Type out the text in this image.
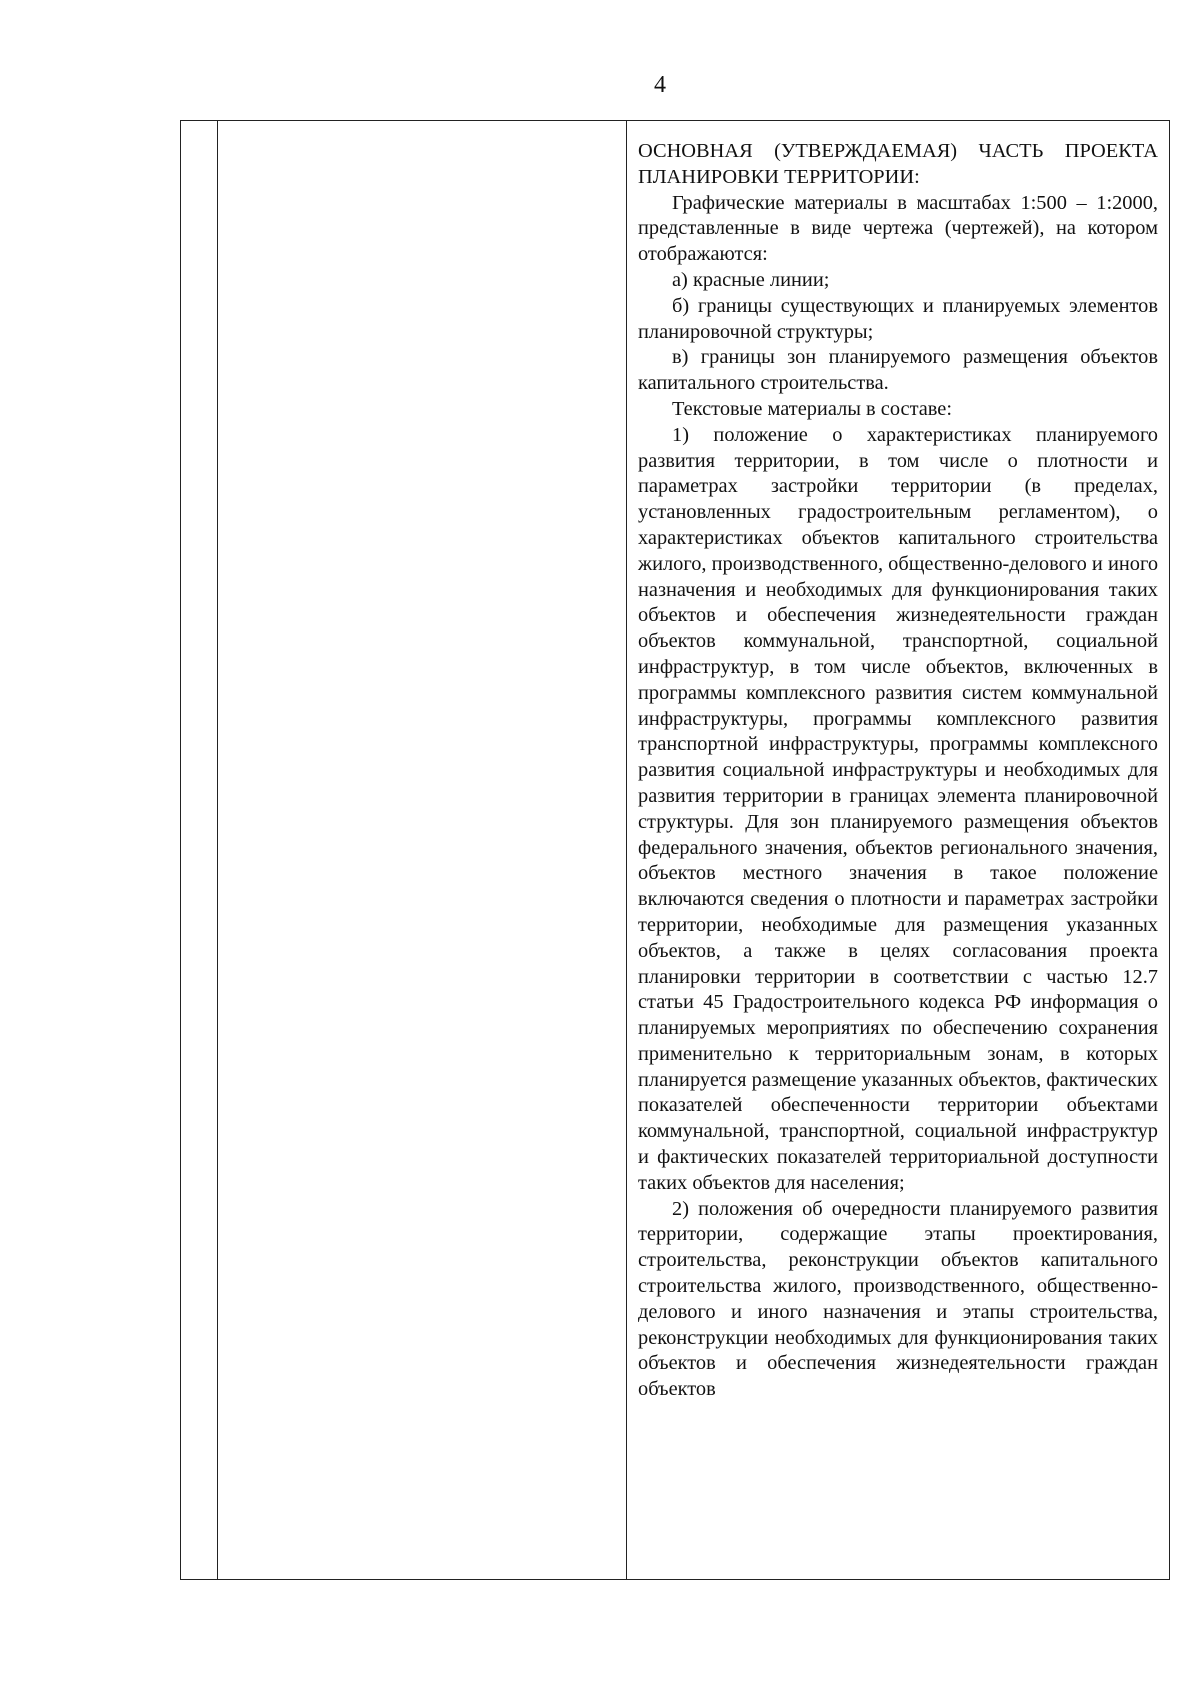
4

ОСНОВНАЯ (УТВЕРЖДАЕМАЯ) ЧАСТЬ ПРОЕКТА ПЛАНИРОВКИ ТЕРРИТОРИИ:

Графические материалы в масштабах 1:500 – 1:2000, представленные в виде чертежа (чертежей), на котором отображаются:

а) красные линии;

б) границы существующих и планируемых элементов планировочной структуры;

в) границы зон планируемого размещения объектов капитального строительства.

Текстовые материалы в составе:

1) положение о характеристиках планируемого развития территории, в том числе о плотности и параметрах застройки территории (в пределах, установленных градостроительным регламентом), о характеристиках объектов капитального строительства жилого, производственного, общественно-делового и иного назначения и необходимых для функционирования таких объектов и обеспечения жизнедеятельности граждан объектов коммунальной, транспортной, социальной инфраструктур, в том числе объектов, включенных в программы комплексного развития систем коммунальной инфраструктуры, программы комплексного развития транспортной инфраструктуры, программы комплексного развития социальной инфраструктуры и необходимых для развития территории в границах элемента планировочной структуры. Для зон планируемого размещения объектов федерального значения, объектов регионального значения, объектов местного значения в такое положение включаются сведения о плотности и параметрах застройки территории, необходимые для размещения указанных объектов, а также в целях согласования проекта планировки территории в соответствии с частью 12.7 статьи 45 Градостроительного кодекса РФ информация о планируемых мероприятиях по обеспечению сохранения применительно к территориальным зонам, в которых планируется размещение указанных объектов, фактических показателей обеспеченности территории объектами коммунальной, транспортной, социальной инфраструктур и фактических показателей территориальной доступности таких объектов для населения;

2) положения об очередности планируемого развития территории, содержащие этапы проектирования, строительства, реконструкции объектов капитального строительства жилого, производственного, общественно-делового и иного назначения и этапы строительства, реконструкции необходимых для функционирования таких объектов и обеспечения жизнедеятельности граждан объектов
